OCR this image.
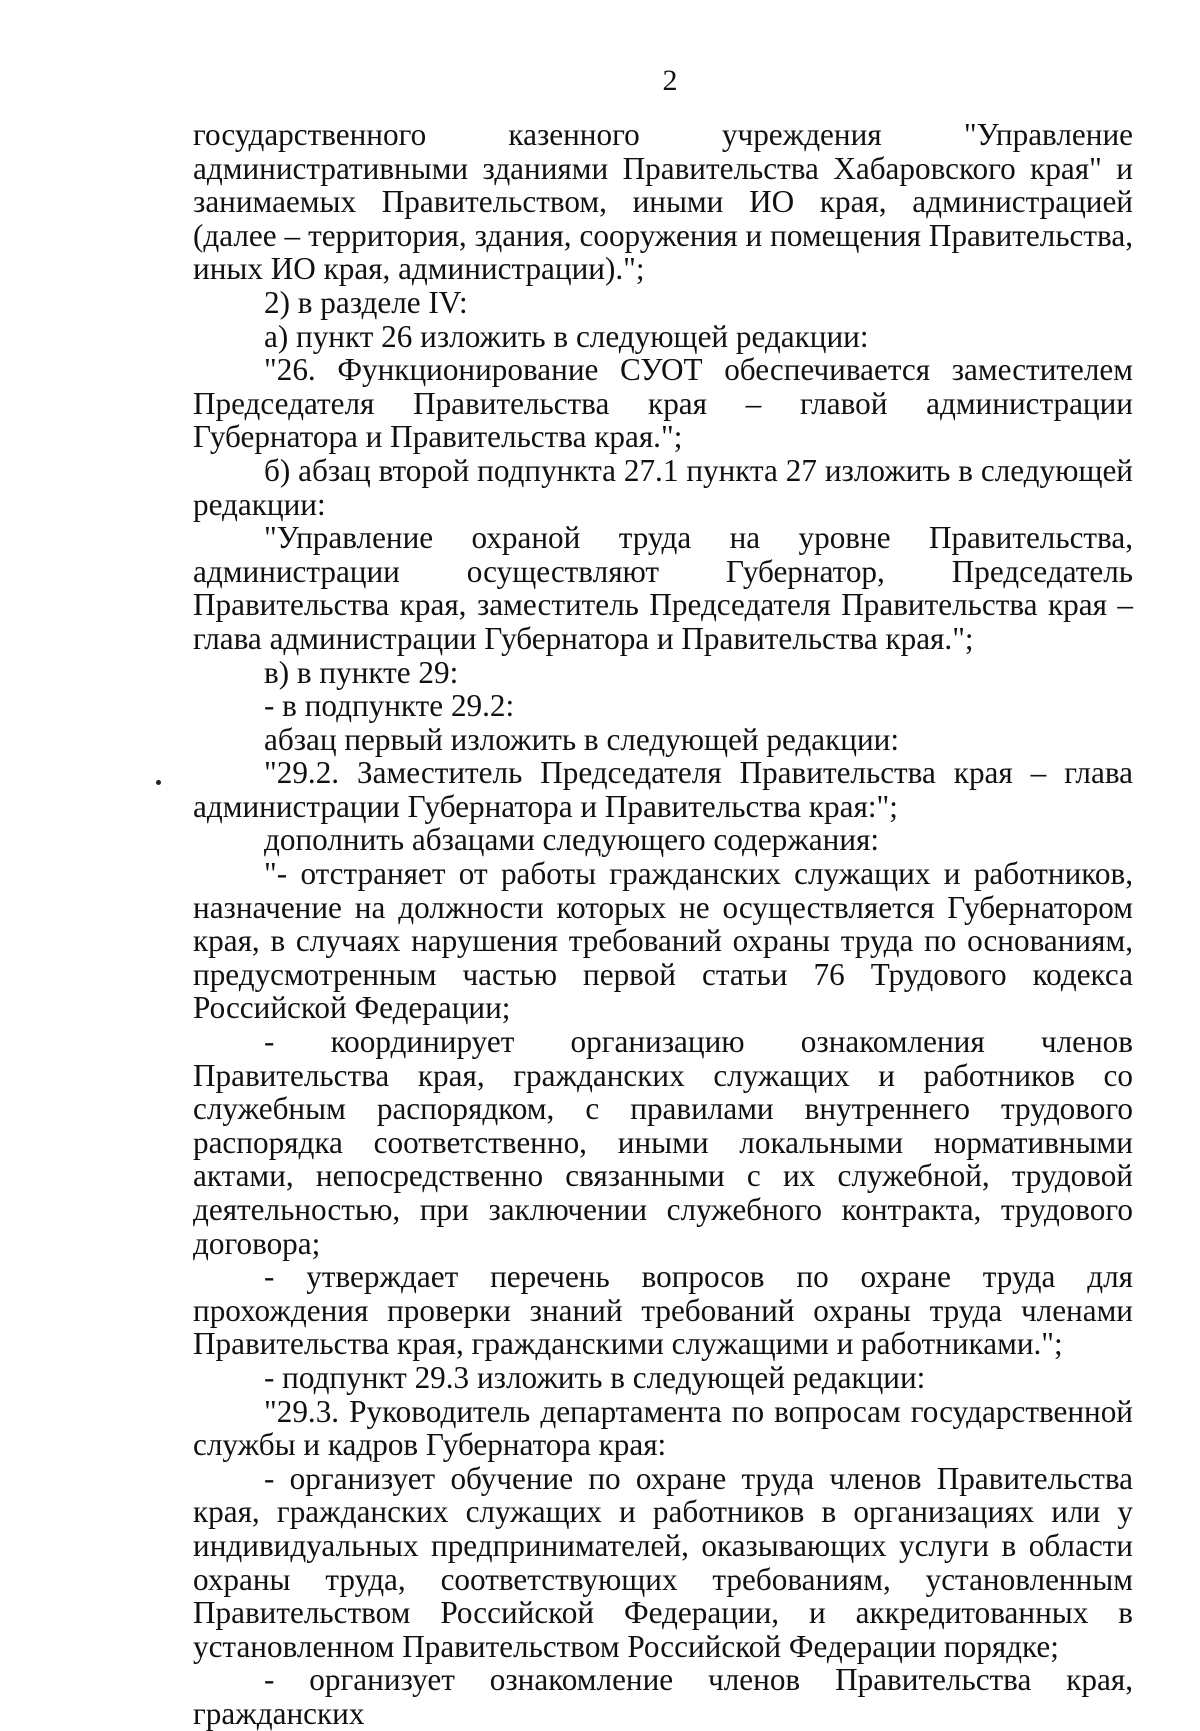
2

государственного казенного учреждения "Управление административными зданиями Правительства Хабаровского края" и занимаемых Правительством, иными ИО края, администрацией (далее – территория, здания, сооружения и помещения Правительства, иных ИО края, администрации).";

2) в разделе IV:

а) пункт 26 изложить в следующей редакции:

"26. Функционирование СУОТ обеспечивается заместителем Председателя Правительства края – главой администрации Губернатора и Правительства края.";

б) абзац второй подпункта 27.1 пункта 27 изложить в следующей редакции:

"Управление охраной труда на уровне Правительства, администрации осуществляют Губернатор, Председатель Правительства края, заместитель Председателя Правительства края – глава администрации Губернатора и Правительства края.";

в) в пункте 29:

- в подпункте 29.2:

абзац первый изложить в следующей редакции:

"29.2. Заместитель Председателя Правительства края – глава

администрации Губернатора и Правительства края:";

дополнить абзацами следующего содержания:

"- отстраняет от работы гражданских служащих и работников, назначение на должности которых не осуществляется Губернатором края, в случаях нарушения требований охраны труда по основаниям, предусмотренным частью первой статьи 76 Трудового кодекса Российской Федерации;

- координирует организацию ознакомления членов Правительства края, гражданских служащих и работников со служебным распорядком, с правилами внутреннего трудового распорядка соответственно, иными локальными нормативными актами, непосредственно связанными с их служебной, трудовой деятельностью, при заключении служебного контракта, трудового договора;

- утверждает перечень вопросов по охране труда для прохождения проверки знаний требований охраны труда членами Правительства края, гражданскими служащими и работниками.";

- подпункт 29.3 изложить в следующей редакции:

"29.3. Руководитель департамента по вопросам государственной службы и кадров Губернатора края:

- организует обучение по охране труда членов Правительства края, гражданских служащих и работников в организациях или у индивидуальных предпринимателей, оказывающих услуги в области охраны труда, соответствующих требованиям, установленным Правительством Российской Федерации, и аккредитованных в установленном Правительством Российской Федерации порядке;

- организует ознакомление членов Правительства края, гражданских
